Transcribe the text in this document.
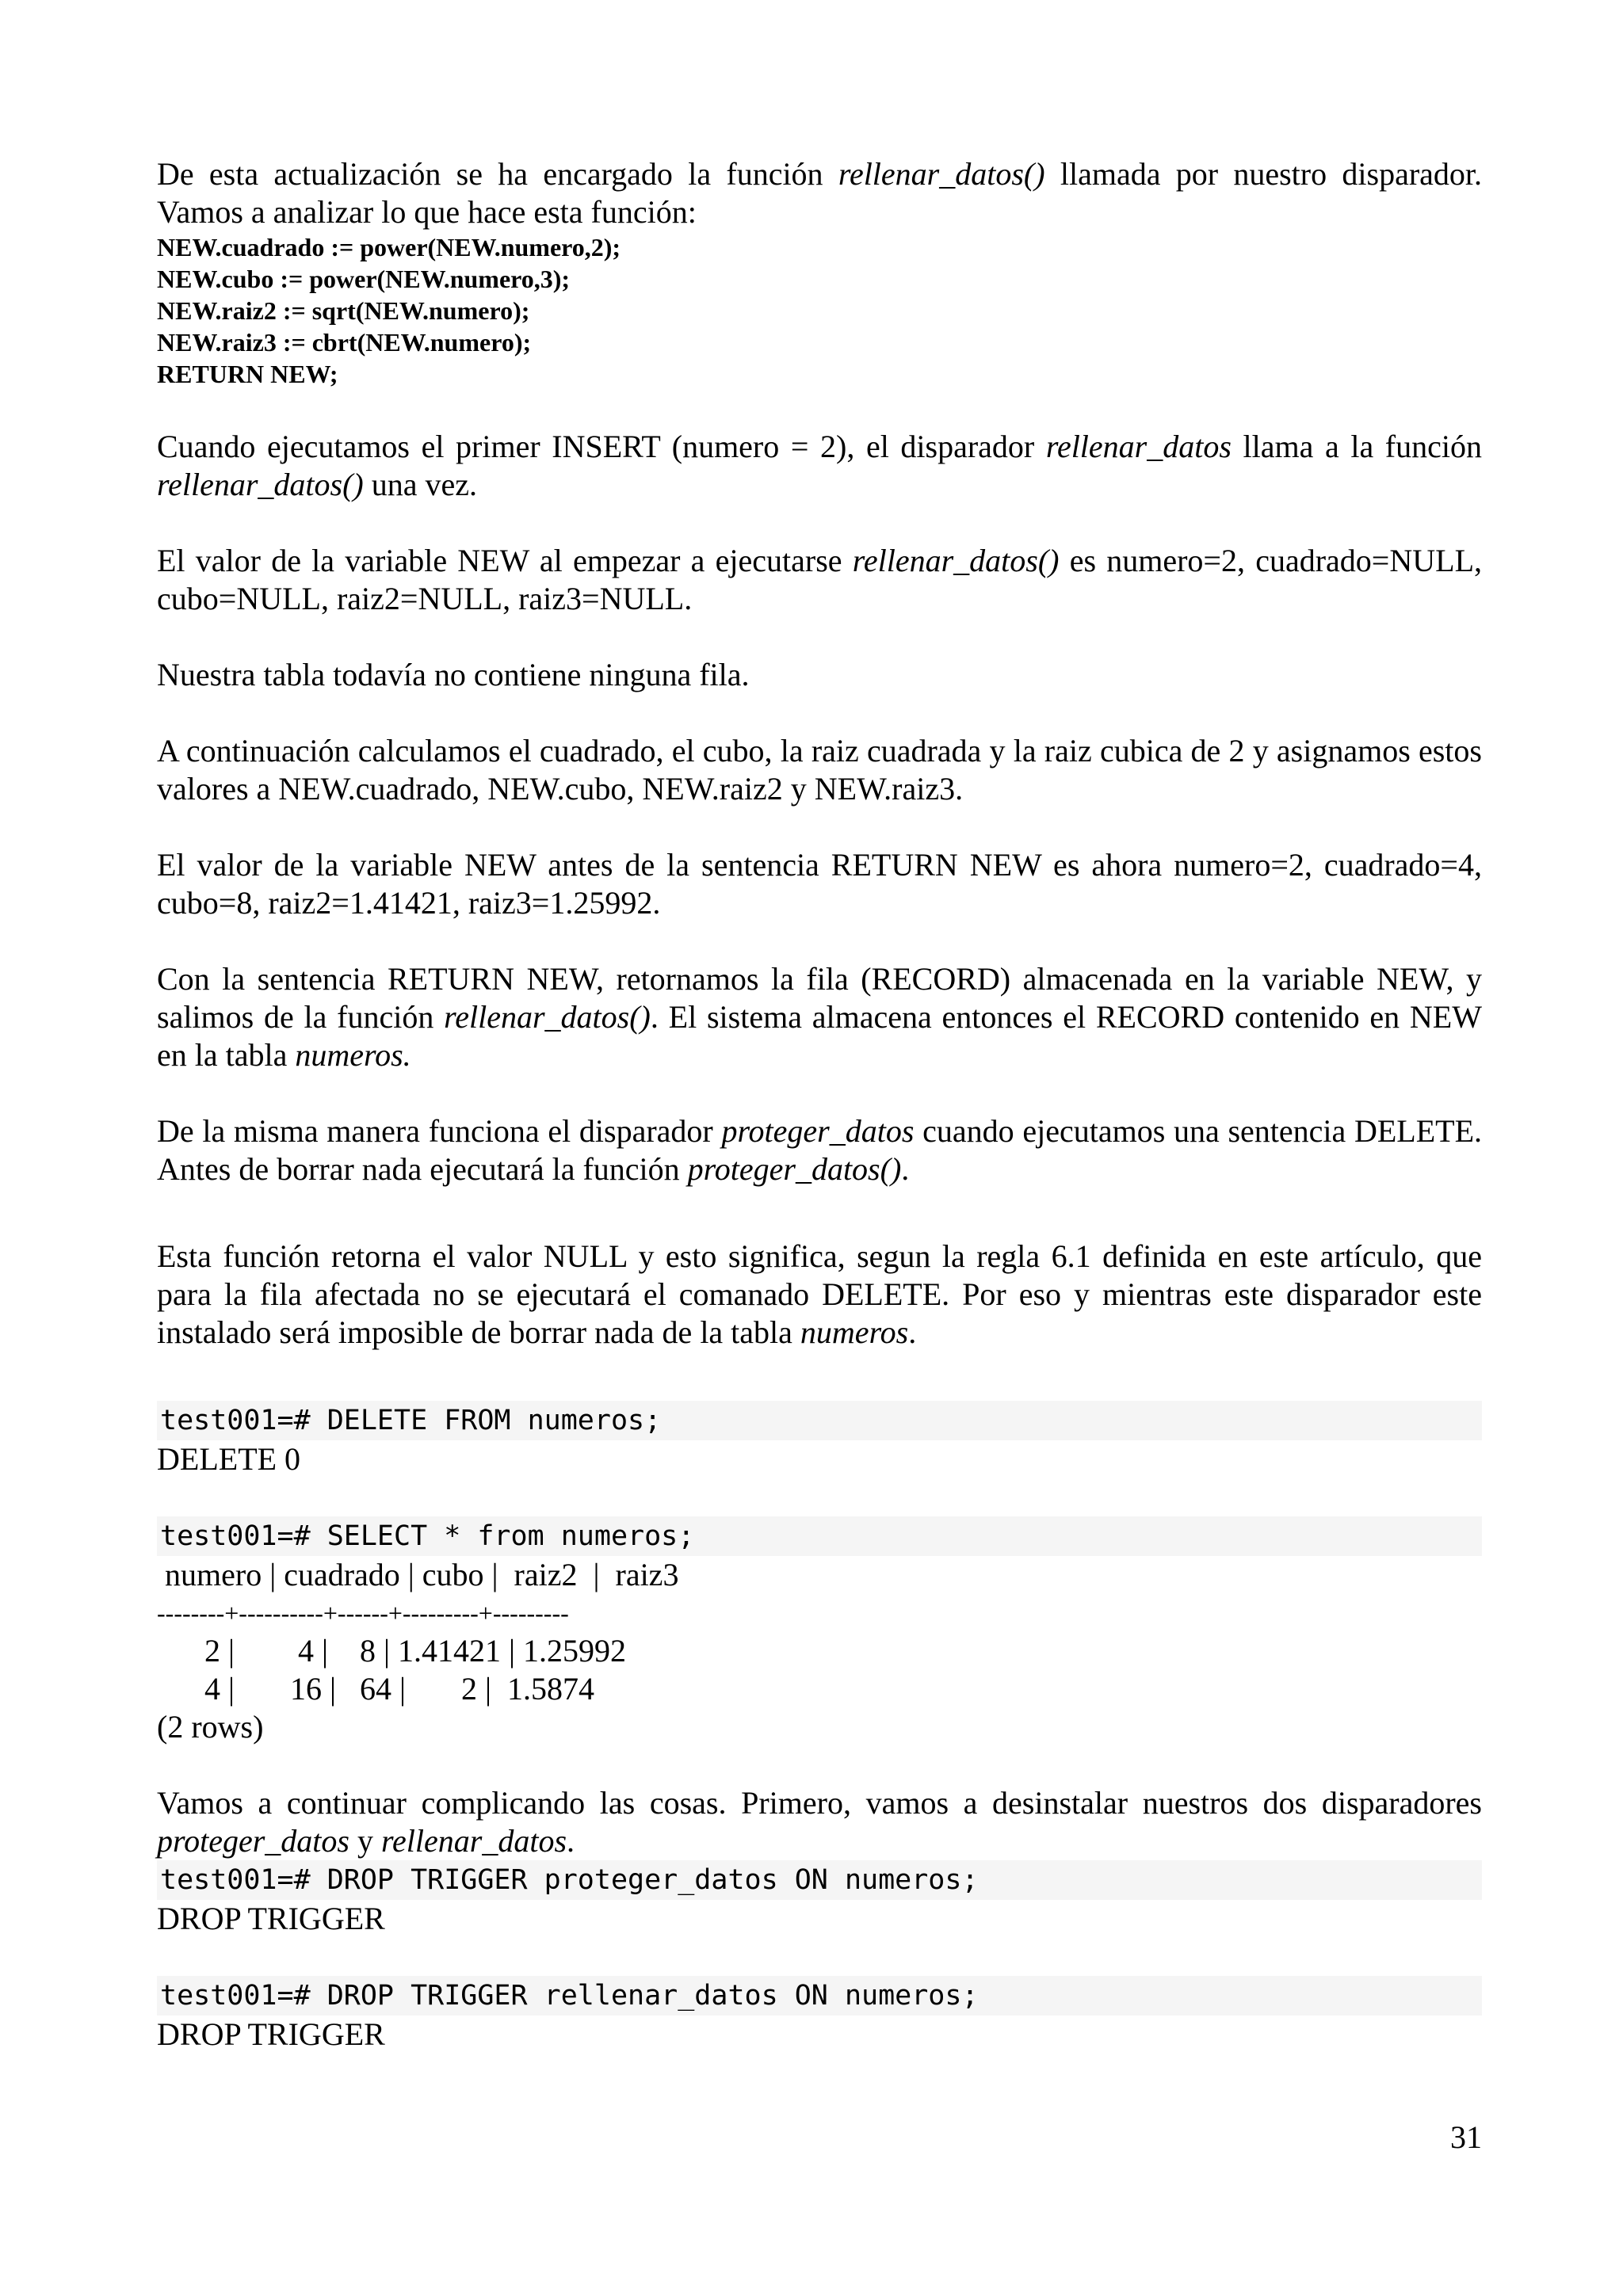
De esta actualización se ha encargado la función rellenar_datos() llamada por nuestro disparador. Vamos a analizar lo que hace esta función:

NEW.cuadrado := power(NEW.numero,2);
NEW.cubo := power(NEW.numero,3);
NEW.raiz2 := sqrt(NEW.numero);
NEW.raiz3 := cbrt(NEW.numero);
RETURN NEW;

Cuando ejecutamos el primer INSERT (numero = 2), el disparador rellenar_datos llama a la función rellenar_datos() una vez.

El valor de la variable NEW al empezar a ejecutarse rellenar_datos() es numero=2, cuadrado=NULL, cubo=NULL, raiz2=NULL, raiz3=NULL.

Nuestra tabla todavía no contiene ninguna fila.

A continuación calculamos el cuadrado, el cubo, la raiz cuadrada y la raiz cubica de 2 y asignamos estos valores a NEW.cuadrado, NEW.cubo, NEW.raiz2 y NEW.raiz3.

El valor de la variable NEW antes de la sentencia RETURN NEW es ahora numero=2, cuadrado=4, cubo=8, raiz2=1.41421, raiz3=1.25992.

Con la sentencia RETURN NEW, retornamos la fila (RECORD) almacenada en la variable NEW, y salimos de la función rellenar_datos(). El sistema almacena entonces el RECORD contenido en NEW en la tabla numeros.

De la misma manera funciona el disparador proteger_datos cuando ejecutamos una sentencia DELETE. Antes de borrar nada ejecutará la función proteger_datos().

Esta función retorna el valor NULL y esto significa, segun la regla 6.1 definida en este artículo, que para la fila afectada no se ejecutará el comanado DELETE. Por eso y mientras este disparador este instalado será imposible de borrar nada de la tabla numeros.

test001=# DELETE FROM numeros;
DELETE 0
test001=# SELECT * from numeros;
numero | cuadrado | cubo |  raiz2  |  raiz3
--------+----------+------+---------+---------
2 |        4 |    8 | 1.41421 | 1.25992
4 |       16 |   64 |       2 |  1.5874
(2 rows)

Vamos a continuar complicando las cosas. Primero, vamos a desinstalar nuestros dos disparadores proteger_datos y rellenar_datos.

test001=# DROP TRIGGER proteger_datos ON numeros;
DROP TRIGGER
test001=# DROP TRIGGER rellenar_datos ON numeros;
DROP TRIGGER
31
